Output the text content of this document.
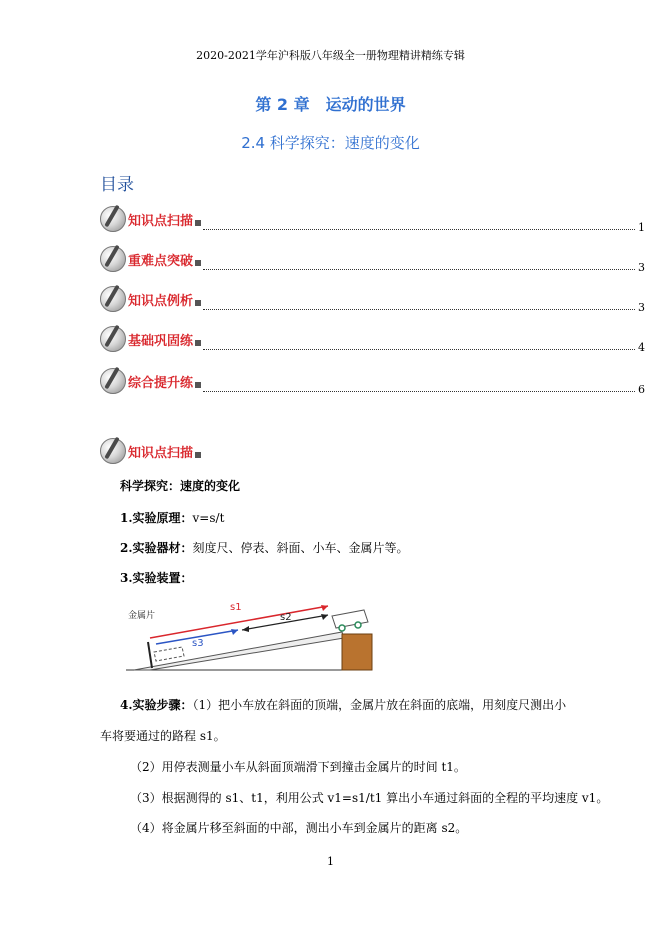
2020-2021学年沪科版八年级全一册物理精讲精练专辑
第 2 章　运动的世界
2.4 科学探究：速度的变化
目录
知识点扫描	1
重难点突破	3
知识点例析	3
基础巩固练	4
综合提升练	6
知识点扫描
科学探究：速度的变化
1.实验原理：v=s/t
2.实验器材：刻度尺、停表、斜面、小车、金属片等。
3.实验装置：
s1
s3
s2
金属片
4.实验步骤：（1）把小车放在斜面的顶端，金属片放在斜面的底端，用刻度尺测出小
车将要通过的路程 s1。
（2）用停表测量小车从斜面顶端滑下到撞击金属片的时间 t1。
（3）根据测得的 s1、t1，利用公式 v1=s1/t1 算出小车通过斜面的全程的平均速度 v1。
（4）将金属片移至斜面的中部，测出小车到金属片的距离 s2。
1
